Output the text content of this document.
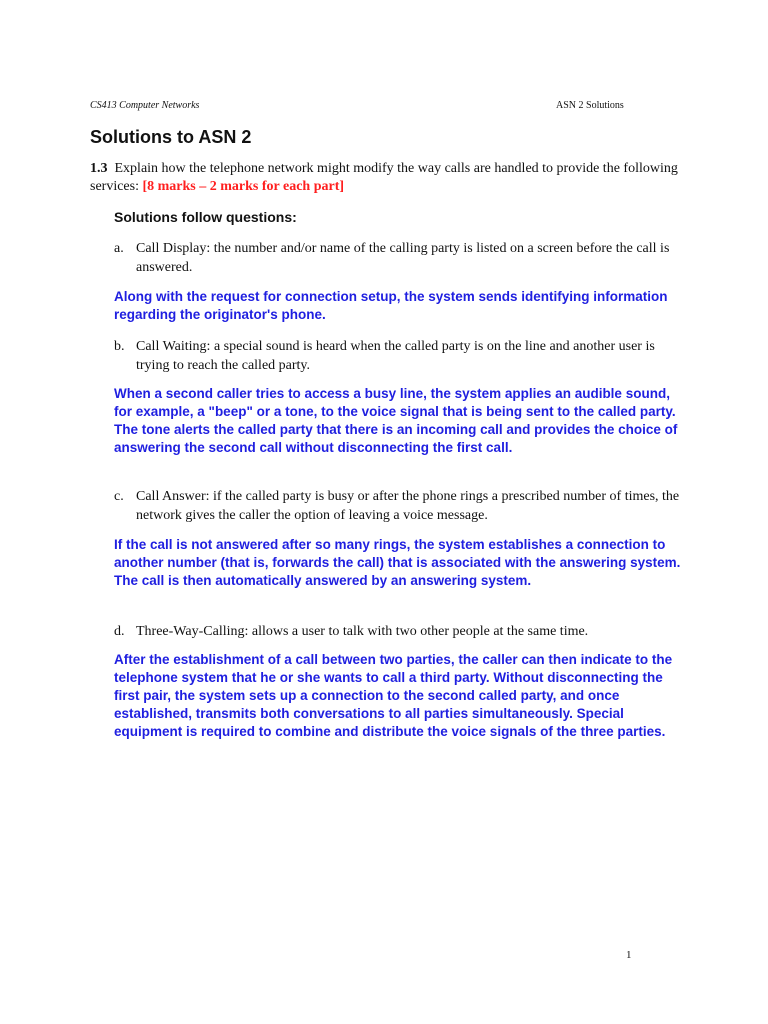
CS413 Computer Networks	ASN 2 Solutions
Solutions to ASN 2

1.3 Explain how the telephone network might modify the way calls are handled to provide the following services: [8 marks – 2 marks for each part]

Solutions follow questions:

a. Call Display: the number and/or name of the calling party is listed on a screen before the call is answered.

Along with the request for connection setup, the system sends identifying information regarding the originator's phone.

b. Call Waiting: a special sound is heard when the called party is on the line and another user is trying to reach the called party.

When a second caller tries to access a busy line, the system applies an audible sound, for example, a "beep" or a tone, to the voice signal that is being sent to the called party. The tone alerts the called party that there is an incoming call and provides the choice of answering the second call without disconnecting the first call.

c. Call Answer: if the called party is busy or after the phone rings a prescribed number of times, the network gives the caller the option of leaving a voice message.

If the call is not answered after so many rings, the system establishes a connection to another number (that is, forwards the call) that is associated with the answering system. The call is then automatically answered by an answering system.

d. Three-Way-Calling: allows a user to talk with two other people at the same time.

After the establishment of a call between two parties, the caller can then indicate to the telephone system that he or she wants to call a third party. Without disconnecting the first pair, the system sets up a connection to the second called party, and once established, transmits both conversations to all parties simultaneously. Special equipment is required to combine and distribute the voice signals of the three parties.

1
